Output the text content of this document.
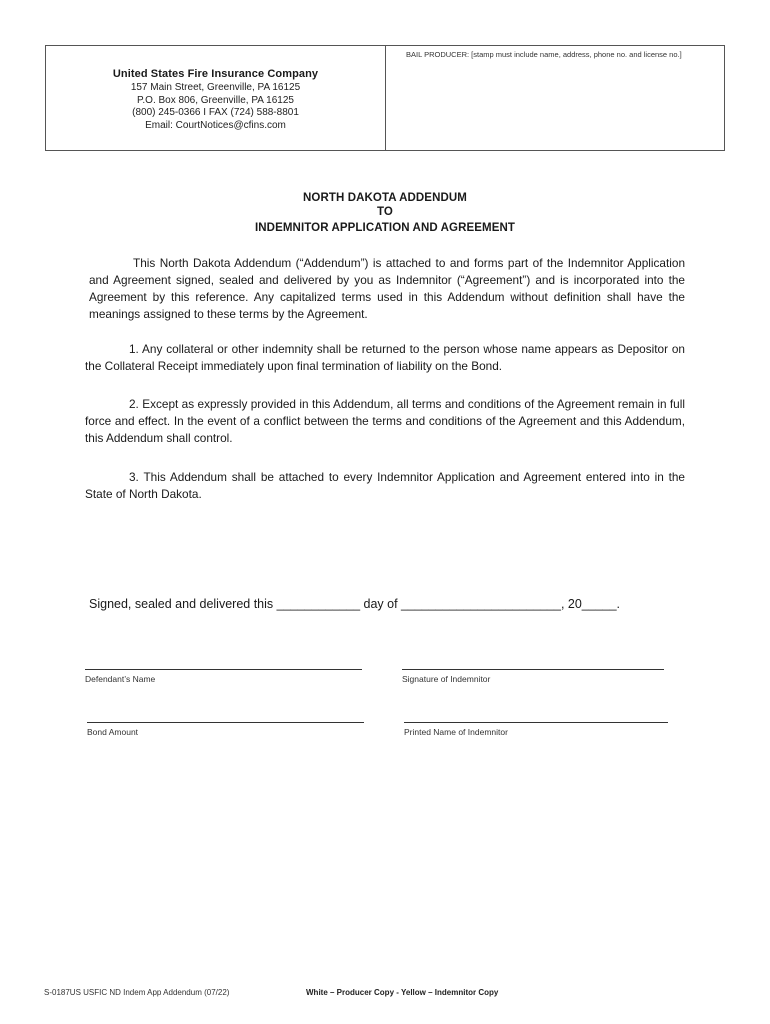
United States Fire Insurance Company
157 Main Street, Greenville, PA 16125
P.O. Box 806, Greenville, PA 16125
(800) 245-0366 I FAX (724) 588-8801
Email: CourtNotices@cfins.com
BAIL PRODUCER: [stamp must include name, address, phone no. and license no.]
NORTH DAKOTA ADDENDUM
TO
INDEMNITOR APPLICATION AND AGREEMENT
This North Dakota Addendum (“Addendum”) is attached to and forms part of the Indemnitor Application and Agreement signed, sealed and delivered by you as Indemnitor (“Agreement”) and is incorporated into the Agreement by this reference. Any capitalized terms used in this Addendum without definition shall have the meanings assigned to these terms by the Agreement.
1. Any collateral or other indemnity shall be returned to the person whose name appears as Depositor on the Collateral Receipt immediately upon final termination of liability on the Bond.
2. Except as expressly provided in this Addendum, all terms and conditions of the Agreement remain in full force and effect. In the event of a conflict between the terms and conditions of the Agreement and this Addendum, this Addendum shall control.
3. This Addendum shall be attached to every Indemnitor Application and Agreement entered into in the State of North Dakota.
Signed, sealed and delivered this ____________ day of _______________________, 20_____.
Defendant’s Name	Signature of Indemnitor
Bond Amount	Printed Name of Indemnitor
S-0187US USFIC ND Indem App Addendum (07/22)	White – Producer Copy - Yellow – Indemnitor Copy
